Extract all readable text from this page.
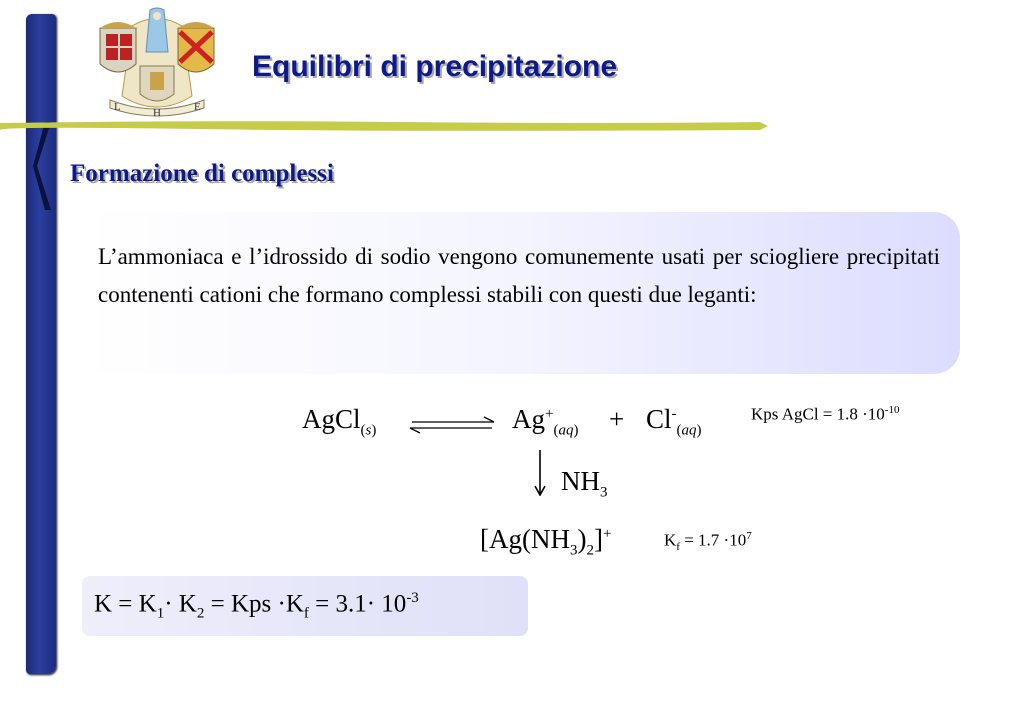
L	H	E
Equilibri di precipitazione
Formazione di complessi
L’ammoniaca e l’idrossido di sodio vengono comunemente usati per sciogliere precipitati contenenti cationi che formano complessi stabili con questi due leganti:
AgCl$_{(s)}$	$Ag^+_{(aq)} + Cl^-_{(aq)}$
Kps AgCl = $1.8 \cdot 10^{-10}$
$NH_3$
$[Ag(NH_3)_2]^+$	$K_f = 1.7 \cdot 10^7$
$K = K_1\cdot K_2$ = Kps $\cdot K_f = 3.1\cdot 10^{-3}$
